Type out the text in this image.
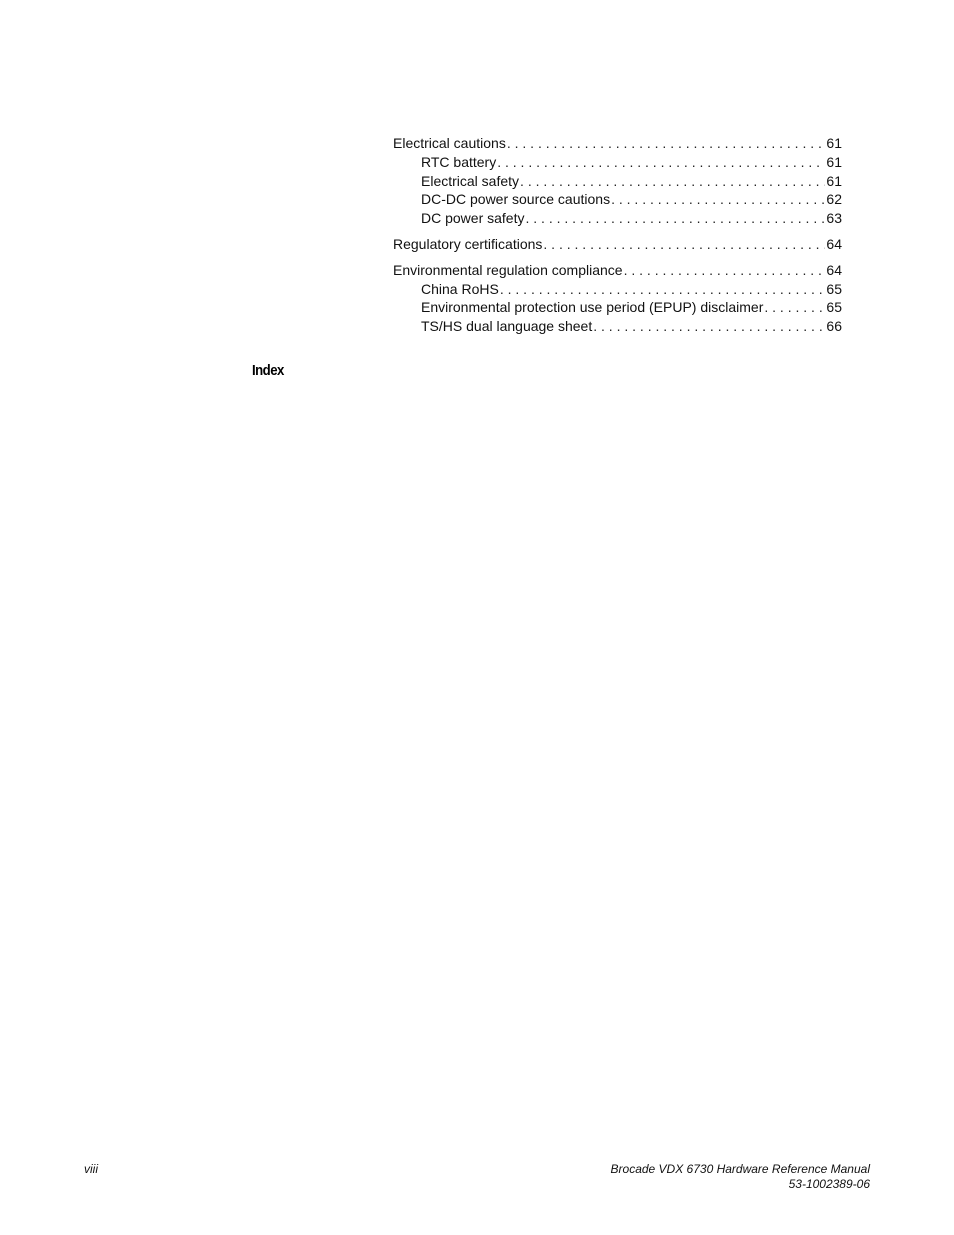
Electrical cautions . . .	61
RTC battery . . .	61
Electrical safety . . .	61
DC-DC power source cautions . . .	62
DC power safety . . .	63
Regulatory certifications . . .	64
Environmental regulation compliance . . .	64
China RoHS . . .	65
Environmental protection use period (EPUP) disclaimer . . .	65
TS/HS dual language sheet . . .	66
Index
viii	Brocade VDX 6730 Hardware Reference Manual
53-1002389-06
